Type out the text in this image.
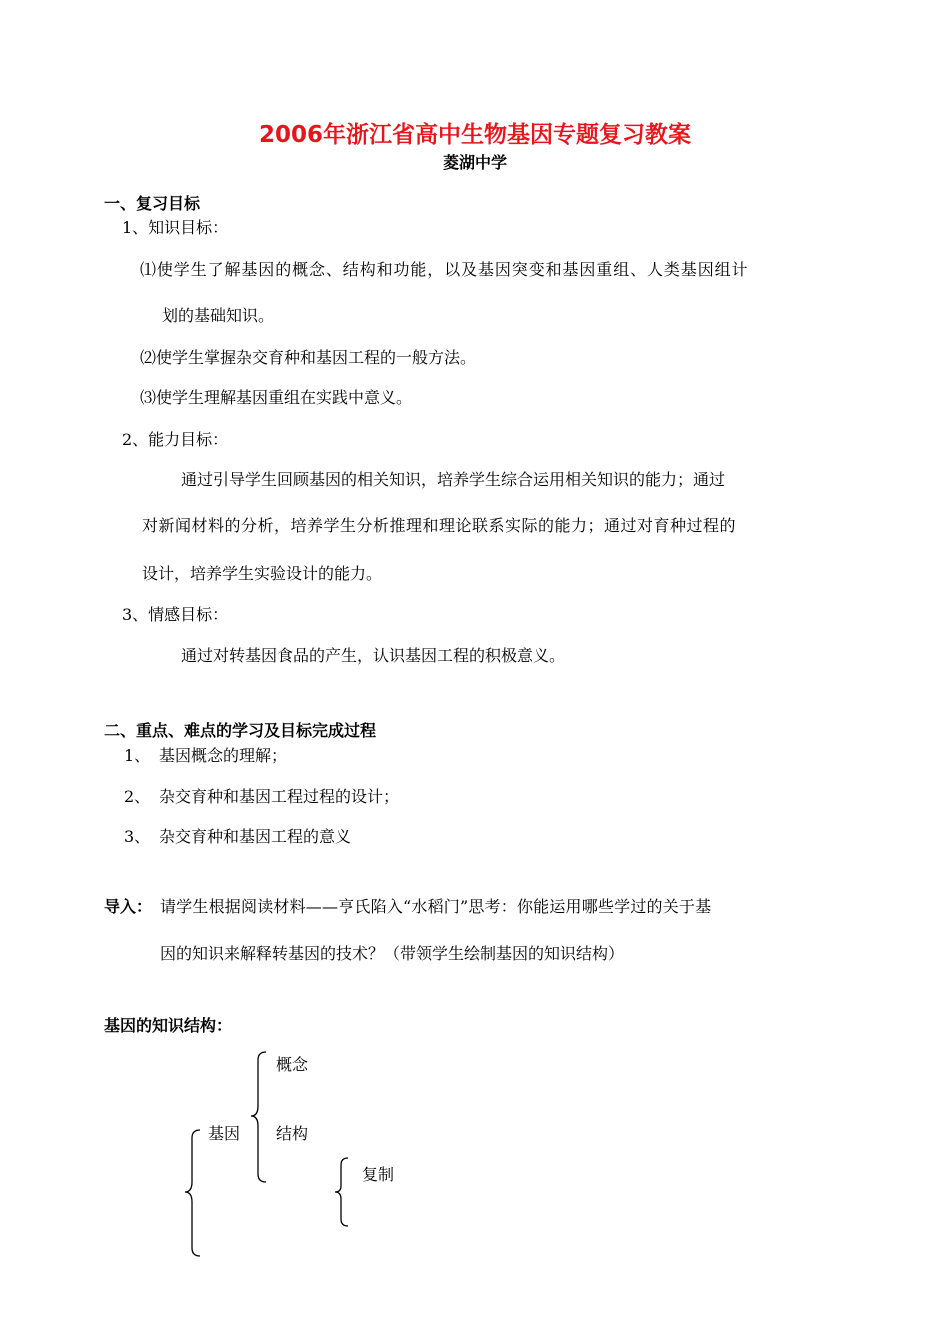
2006年浙江省高中生物基因专题复习教案
菱湖中学
一、复习目标
1、知识目标：
⑴使学生了解基因的概念、结构和功能，以及基因突变和基因重组、人类基因组计
划的基础知识。
⑵使学生掌握杂交育种和基因工程的一般方法。
⑶使学生理解基因重组在实践中意义。
2、能力目标：
通过引导学生回顾基因的相关知识，培养学生综合运用相关知识的能力；通过
对新闻材料的分析，培养学生分析推理和理论联系实际的能力；通过对育种过程的
设计，培养学生实验设计的能力。
3、情感目标：
通过对转基因食品的产生，认识基因工程的积极意义。
二、重点、难点的学习及目标完成过程
1、 基因概念的理解；
2、 杂交育种和基因工程过程的设计；
3、 杂交育种和基因工程的意义
导入： 请学生根据阅读材料——亨氏陷入“水稻门”思考：你能运用哪些学过的关于基
因的知识来解释转基因的技术？（带领学生绘制基因的知识结构）
基因的知识结构：
基因
概念
结构
复制
